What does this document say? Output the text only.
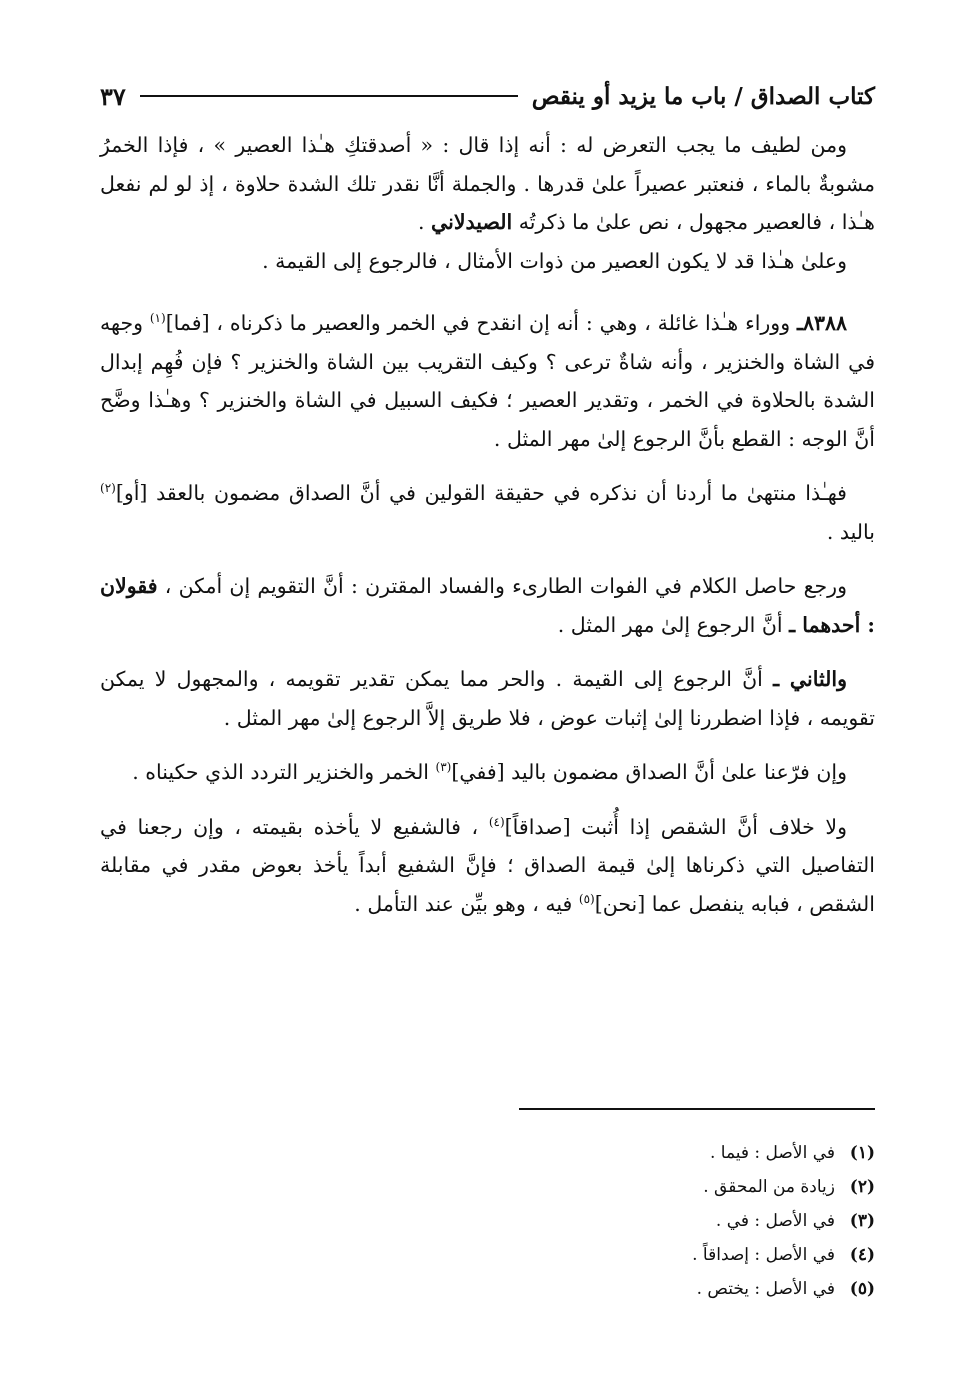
كتاب الصداق / باب ما يزيد أو ينقص
٣٧

ومن لطيف ما يجب التعرض له : أنه إذا قال : « أصدقتكِ هـٰذا العصير » ، فإذا الخمرُ مشوبةٌ بالماء ، فنعتبر عصيراً علىٰ قدرها . والجملة أنَّا نقدر تلك الشدة حلاوة ، إذ لو لم نفعل هـٰذا ، فالعصير مجهول ، نص علىٰ ما ذكرتُه الصيدلاني .

وعلىٰ هـٰذا قد لا يكون العصير من ذوات الأمثال ، فالرجوع إلى القيمة .

٨٣٨٨ـ ووراء هـٰذا غائلة ، وهي : أنه إن انقدح في الخمر والعصير ما ذكرناه ، [فما]$^{(١)}$ وجهه في الشاة والخنزير ، وأنه شاةٌ ترعى ؟ وكيف التقريب بين الشاة والخنزير ؟ فإن فُهِم إبدال الشدة بالحلاوة في الخمر ، وتقدير العصير ؛ فكيف السبيل في الشاة والخنزير ؟ وهـٰذا وضَّح أنَّ الوجه : القطع بأنَّ الرجوع إلىٰ مهر المثل .

فهـٰذا منتهىٰ ما أردنا أن نذكره في حقيقة القولين في أنَّ الصداق مضمون بالعقد [أو]$^{(٢)}$ باليد .

ورجع حاصل الكلام في الفوات الطارىء والفساد المقترن : أنَّ التقويم إن أمكن ، فقولان : أحدهما ـ أنَّ الرجوع إلىٰ مهر المثل .

والثاني ـ أنَّ الرجوع إلى القيمة . والحر مما يمكن تقدير تقويمه ، والمجهول لا يمكن تقويمه ، فإذا اضطررنا إلىٰ إثبات عوض ، فلا طريق إلاَّ الرجوع إلىٰ مهر المثل .

وإن فرّعنا علىٰ أنَّ الصداق مضمون باليد [ففي]$^{(٣)}$ الخمر والخنزير التردد الذي حكيناه .

ولا خلاف أنَّ الشقص إذا أُثبت [صداقاً]$^{(٤)}$ ، فالشفيع لا يأخذه بقيمته ، وإن رجعنا في التفاصيل التي ذكرناها إلىٰ قيمة الصداق ؛ فإنَّ الشفيع أبداً يأخذ بعوض مقدر في مقابلة الشقص ، فبابه ينفصل عما [نحن]$^{(٥)}$ فيه ، وهو بيِّن عند التأمل .

(١)
في الأصل : فيما .
(٢)
زيادة من المحقق .
(٣)
في الأصل : في .
(٤)
في الأصل : إصداقاً .
(٥)
في الأصل : يختص .
